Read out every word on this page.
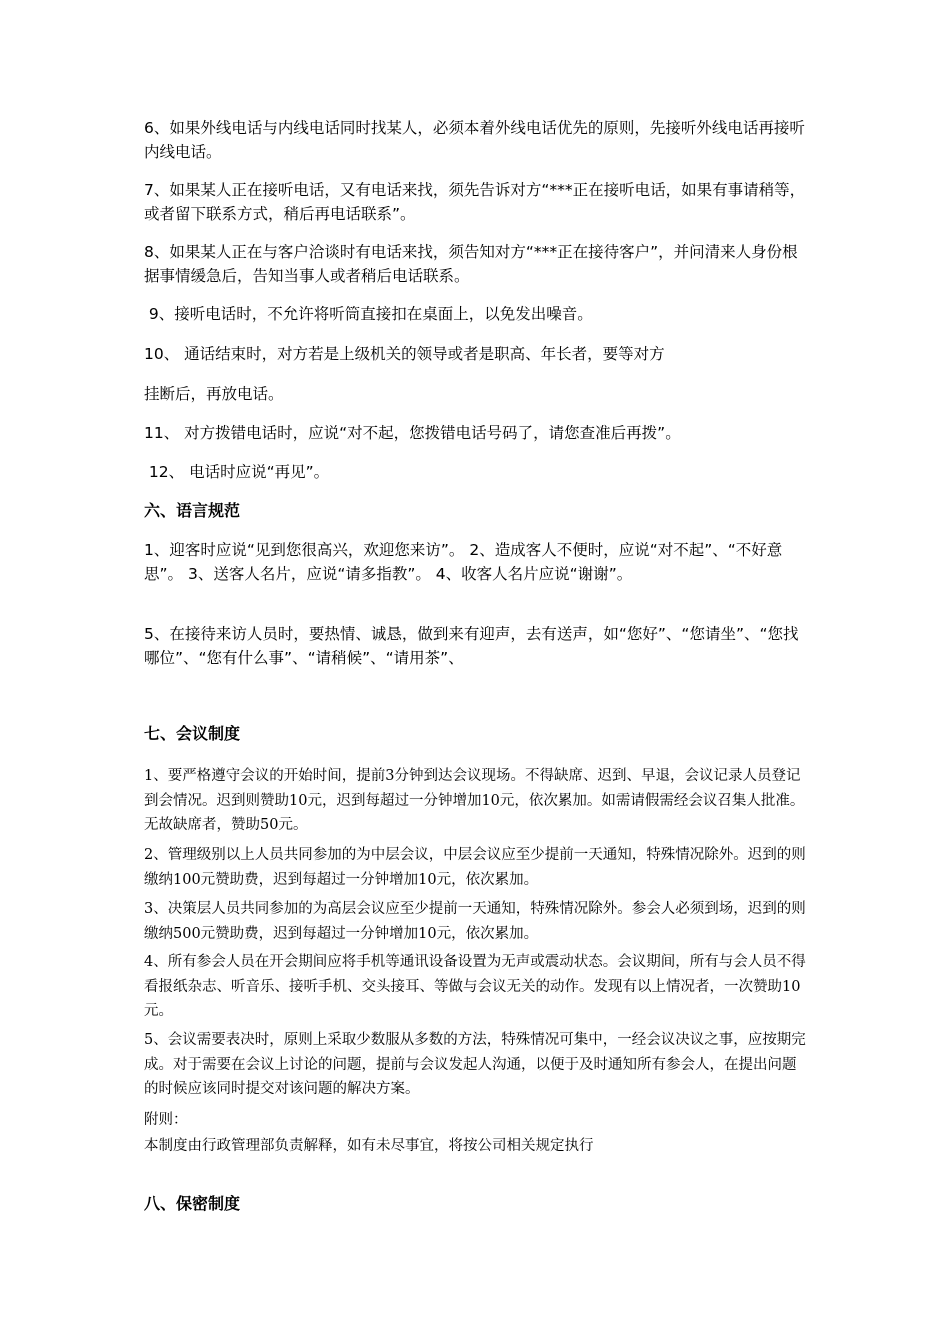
6、如果外线电话与内线电话同时找某人，必须本着外线电话优先的原则，先接听外线电话再接听内线电话。

7、如果某人正在接听电话，又有电话来找，须先告诉对方“***正在接听电话，如果有事请稍等，或者留下联系方式，稍后再电话联系”。

8、如果某人正在与客户洽谈时有电话来找，须告知对方“***正在接待客户”，并问清来人身份根据事情缓急后，告知当事人或者稍后电话联系。

9、接听电话时，不允许将听筒直接扣在桌面上，以免发出噪音。

10、 通话结束时，对方若是上级机关的领导或者是职高、年长者，要等对方

挂断后，再放电话。

11、 对方拨错电话时，应说“对不起，您拨错电话号码了，请您查准后再拨”。

12、 电话时应说“再见”。

六、语言规范

1、迎客时应说“见到您很高兴，欢迎您来访”。 2、造成客人不便时，应说“对不起”、“不好意思”。 3、送客人名片，应说“请多指教”。 4、收客人名片应说“谢谢”。

5、在接待来访人员时，要热情、诚恳，做到来有迎声，去有送声，如“您好”、“您请坐”、“您找哪位”、“您有什么事”、“请稍候”、“请用茶”、

七、会议制度

1、要严格遵守会议的开始时间，提前3分钟到达会议现场。不得缺席、迟到、早退，会议记录人员登记到会情况。迟到则赞助10元，迟到每超过一分钟增加10元，依次累加。如需请假需经会议召集人批准。无故缺席者，赞助50元。

2、管理级别以上人员共同参加的为中层会议，中层会议应至少提前一天通知，特殊情况除外。迟到的则缴纳100元赞助费，迟到每超过一分钟增加10元，依次累加。

3、决策层人员共同参加的为高层会议应至少提前一天通知，特殊情况除外。参会人必须到场，迟到的则缴纳500元赞助费，迟到每超过一分钟增加10元，依次累加。

4、所有参会人员在开会期间应将手机等通讯设备设置为无声或震动状态。会议期间，所有与会人员不得看报纸杂志、听音乐、接听手机、交头接耳、等做与会议无关的动作。发现有以上情况者，一次赞助10元。

5、会议需要表决时，原则上采取少数服从多数的方法，特殊情况可集中，一经会议决议之事，应按期完成。对于需要在会议上讨论的问题，提前与会议发起人沟通，以便于及时通知所有参会人，在提出问题的时候应该同时提交对该问题的解决方案。

附则：

本制度由行政管理部负责解释，如有未尽事宜，将按公司相关规定执行

八、保密制度
